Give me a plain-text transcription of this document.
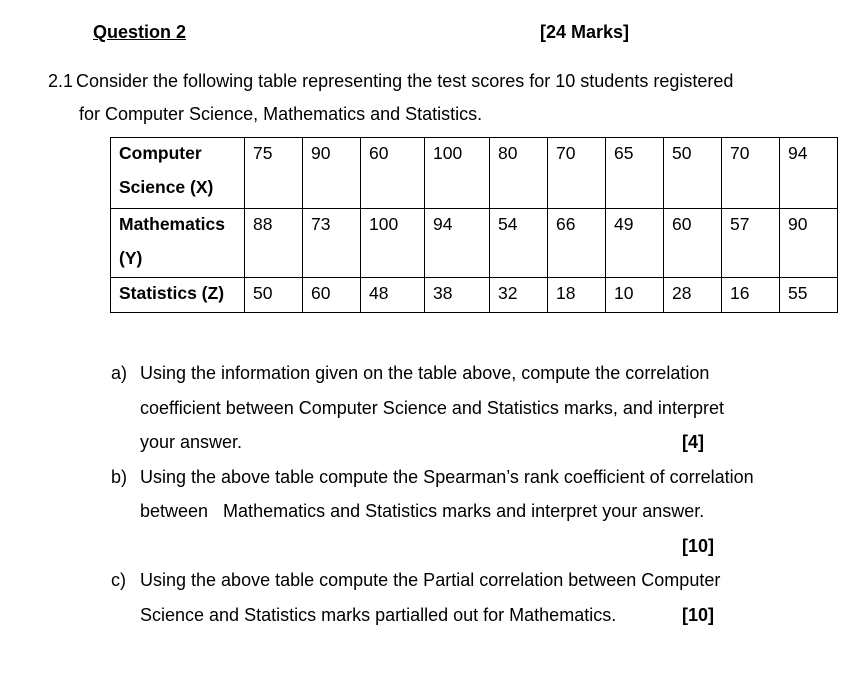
Question 2	[24 Marks]
2.1 Consider the following table representing the test scores for 10 students registered
for Computer Science, Mathematics and Statistics.
Computer
Science (X)	75	90	60	100	80	70	65	50	70	94

Mathematics
(Y)	88	73	100	94	54	66	49	60	57	90

Statistics (Z)	50	60	48	38	32	18	10	28	16	55
a) Using the information given on the table above, compute the correlation
coefficient between Computer Science and Statistics marks, and interpret
your answer.	[4]
b) Using the above table compute the Spearman’s rank coefficient of correlation
between   Mathematics and Statistics marks and interpret your answer.
[10]
c) Using the above table compute the Partial correlation between Computer
Science and Statistics marks partialled out for Mathematics.	[10]
